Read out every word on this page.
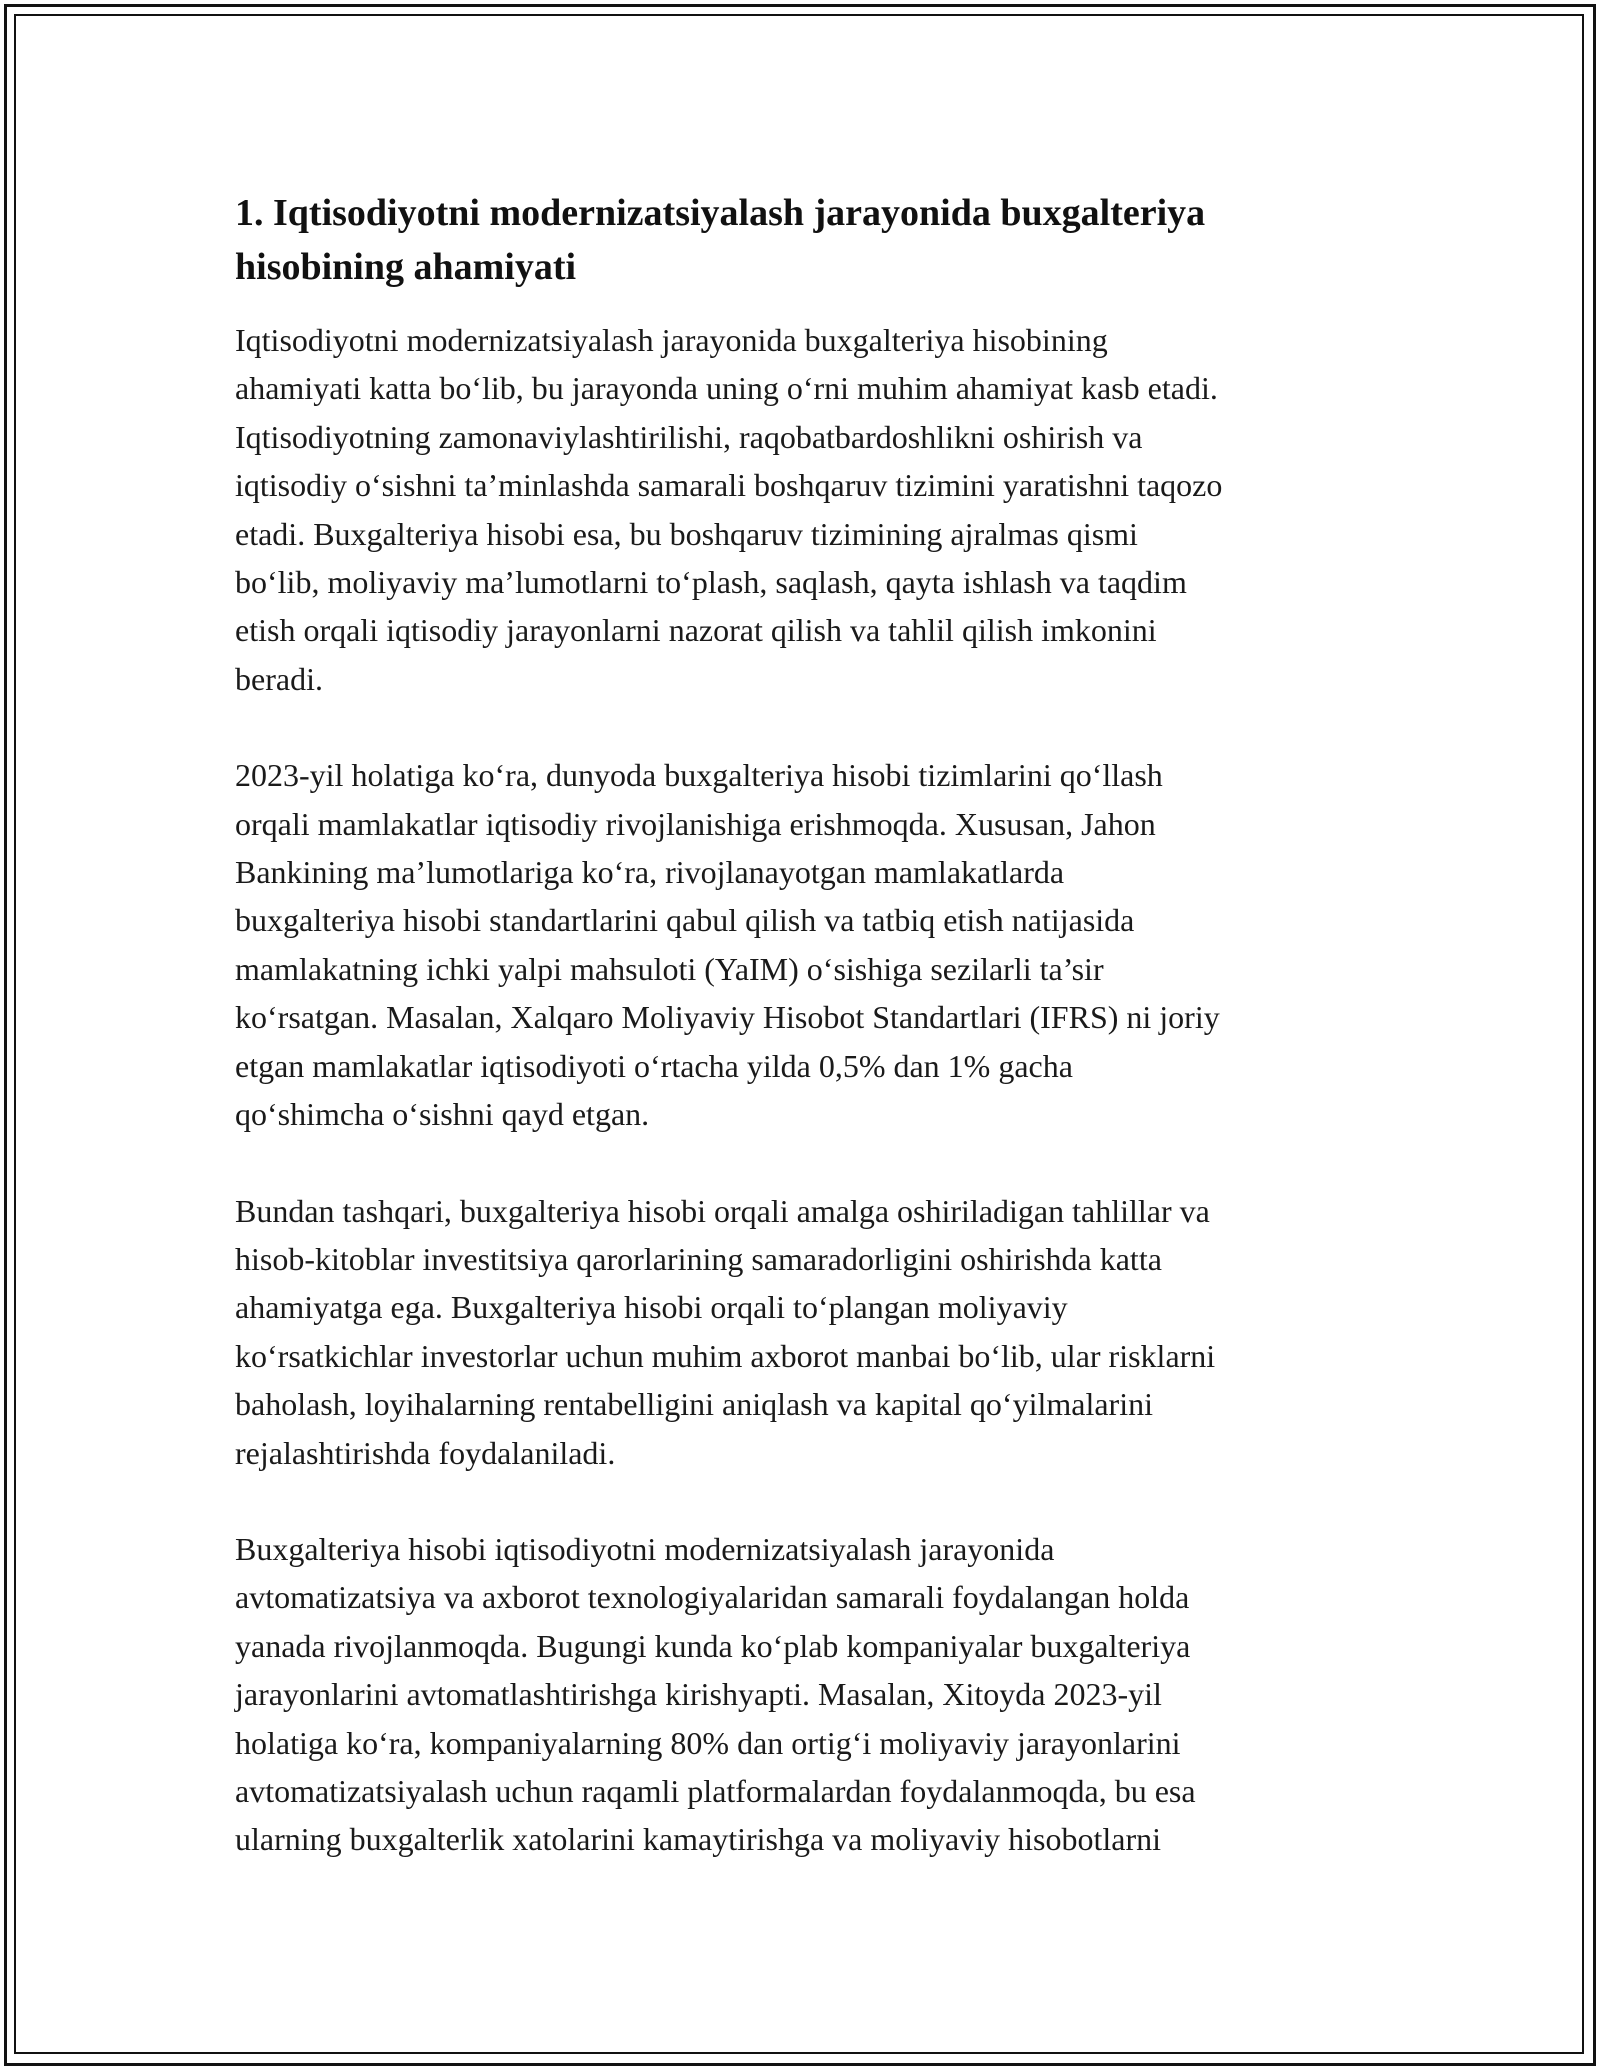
1. Iqtisodiyotni modernizatsiyalash jarayonida buxgalteriya
hisobining ahamiyati

Iqtisodiyotni modernizatsiyalash jarayonida buxgalteriya hisobining
ahamiyati katta bo‘lib, bu jarayonda uning o‘rni muhim ahamiyat kasb etadi.
Iqtisodiyotning zamonaviylashtirilishi, raqobatbardoshlikni oshirish va
iqtisodiy o‘sishni ta’minlashda samarali boshqaruv tizimini yaratishni taqozo
etadi. Buxgalteriya hisobi esa, bu boshqaruv tizimining ajralmas qismi
bo‘lib, moliyaviy ma’lumotlarni to‘plash, saqlash, qayta ishlash va taqdim
etish orqali iqtisodiy jarayonlarni nazorat qilish va tahlil qilish imkonini
beradi.

2023-yil holatiga ko‘ra, dunyoda buxgalteriya hisobi tizimlarini qo‘llash
orqali mamlakatlar iqtisodiy rivojlanishiga erishmoqda. Xususan, Jahon
Bankining ma’lumotlariga ko‘ra, rivojlanayotgan mamlakatlarda
buxgalteriya hisobi standartlarini qabul qilish va tatbiq etish natijasida
mamlakatning ichki yalpi mahsuloti (YaIM) o‘sishiga sezilarli ta’sir
ko‘rsatgan. Masalan, Xalqaro Moliyaviy Hisobot Standartlari (IFRS) ni joriy
etgan mamlakatlar iqtisodiyoti o‘rtacha yilda 0,5% dan 1% gacha
qo‘shimcha o‘sishni qayd etgan.

Bundan tashqari, buxgalteriya hisobi orqali amalga oshiriladigan tahlillar va
hisob-kitoblar investitsiya qarorlarining samaradorligini oshirishda katta
ahamiyatga ega. Buxgalteriya hisobi orqali to‘plangan moliyaviy
ko‘rsatkichlar investorlar uchun muhim axborot manbai bo‘lib, ular risklarni
baholash, loyihalarning rentabelligini aniqlash va kapital qo‘yilmalarini
rejalashtirishda foydalaniladi.

Buxgalteriya hisobi iqtisodiyotni modernizatsiyalash jarayonida
avtomatizatsiya va axborot texnologiyalaridan samarali foydalangan holda
yanada rivojlanmoqda. Bugungi kunda ko‘plab kompaniyalar buxgalteriya
jarayonlarini avtomatlashtirishga kirishyapti. Masalan, Xitoyda 2023-yil
holatiga ko‘ra, kompaniyalarning 80% dan ortig‘i moliyaviy jarayonlarini
avtomatizatsiyalash uchun raqamli platformalardan foydalanmoqda, bu esa
ularning buxgalterlik xatolarini kamaytirishga va moliyaviy hisobotlarni
